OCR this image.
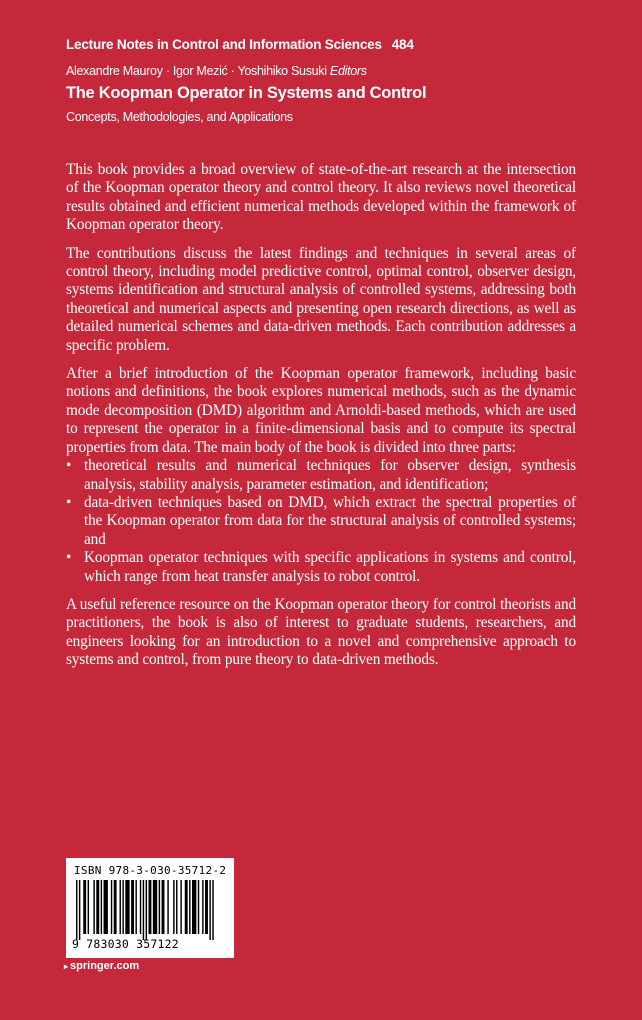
Lecture Notes in Control and Information Sciences 484
Alexandre Mauroy · Igor Mezić · Yoshihiko Susuki Editors
The Koopman Operator in Systems and Control
Concepts, Methodologies, and Applications

This book provides a broad overview of state-of-the-art research at the intersection of the Koopman operator theory and control theory. It also reviews novel theoretical results obtained and efficient numerical methods developed within the framework of Koopman operator theory.

The contributions discuss the latest findings and techniques in several areas of control theory, including model predictive control, optimal control, observer design, systems identification and structural analysis of controlled systems, addressing both theoretical and numerical aspects and presenting open research directions, as well as detailed numerical schemes and data-driven methods. Each contribution addresses a specific problem.

After a brief introduction of the Koopman operator framework, including basic notions and definitions, the book explores numerical methods, such as the dynamic mode decomposition (DMD) algorithm and Arnoldi-based methods, which are used to represent the operator in a finite-dimensional basis and to compute its spectral properties from data. The main body of the book is divided into three parts:

• theoretical results and numerical techniques for observer design, synthesis analysis, stability analysis, parameter estimation, and identification;
• data-driven techniques based on DMD, which extract the spectral properties of the Koopman operator from data for the structural analysis of controlled systems; and
• Koopman operator techniques with specific applications in systems and control, which range from heat transfer analysis to robot control.

A useful reference resource on the Koopman operator theory for control theorists and practitioners, the book is also of interest to graduate students, researchers, and engineers looking for an introduction to a novel and comprehensive approach to systems and control, from pure theory to data-driven methods.

ISBN 978-3-030-35712-2
9 783030 357122
▸ springer.com
